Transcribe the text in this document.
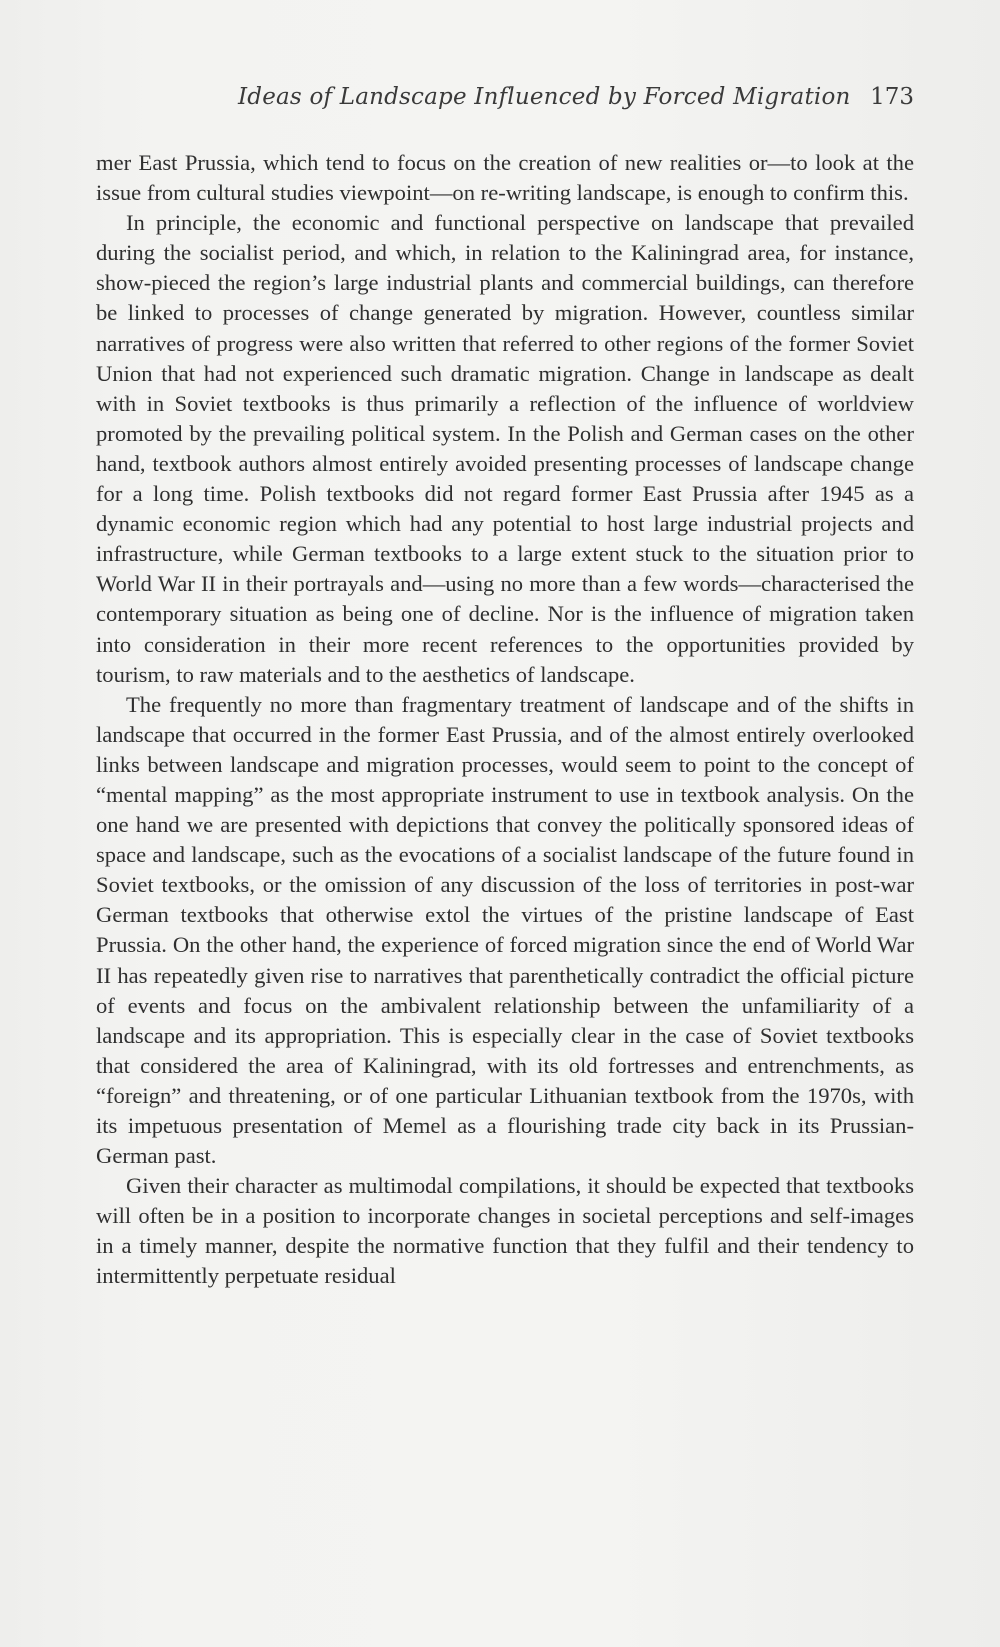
Ideas of Landscape Influenced by Forced Migration 173

mer East Prussia, which tend to focus on the creation of new realities or—to look at the issue from cultural studies viewpoint—on re-writing landscape, is enough to confirm this.

In principle, the economic and functional perspective on landscape that prevailed during the socialist period, and which, in relation to the Kaliningrad area, for instance, show-pieced the region’s large industrial plants and commercial buildings, can therefore be linked to processes of change generated by migration. However, countless similar narratives of progress were also written that referred to other regions of the former Soviet Union that had not experienced such dramatic migration. Change in landscape as dealt with in Soviet textbooks is thus primarily a reflection of the influence of worldview promoted by the prevailing political system. In the Polish and German cases on the other hand, textbook authors almost entirely avoided presenting processes of landscape change for a long time. Polish textbooks did not regard former East Prussia after 1945 as a dynamic economic region which had any potential to host large industrial projects and infrastructure, while German textbooks to a large extent stuck to the situation prior to World War II in their portrayals and—using no more than a few words—characterised the contemporary situation as being one of decline. Nor is the influence of migration taken into consideration in their more recent references to the opportunities provided by tourism, to raw materials and to the aesthetics of landscape.

The frequently no more than fragmentary treatment of landscape and of the shifts in landscape that occurred in the former East Prussia, and of the almost entirely overlooked links between landscape and migration processes, would seem to point to the concept of “mental mapping” as the most appropriate instrument to use in textbook analysis. On the one hand we are presented with depictions that convey the politically sponsored ideas of space and landscape, such as the evocations of a socialist landscape of the future found in Soviet textbooks, or the omission of any discussion of the loss of territories in post-war German textbooks that otherwise extol the virtues of the pristine landscape of East Prussia. On the other hand, the experience of forced migration since the end of World War II has repeatedly given rise to narratives that parenthetically contradict the official picture of events and focus on the ambivalent relationship between the unfamiliarity of a landscape and its appropriation. This is especially clear in the case of Soviet textbooks that considered the area of Kaliningrad, with its old fortresses and entrenchments, as “foreign” and threatening, or of one particular Lithuanian textbook from the 1970s, with its impetuous presentation of Memel as a flourishing trade city back in its Prussian-German past.

Given their character as multimodal compilations, it should be expected that textbooks will often be in a position to incorporate changes in societal perceptions and self-images in a timely manner, despite the normative function that they fulfil and their tendency to intermittently perpetuate residual
